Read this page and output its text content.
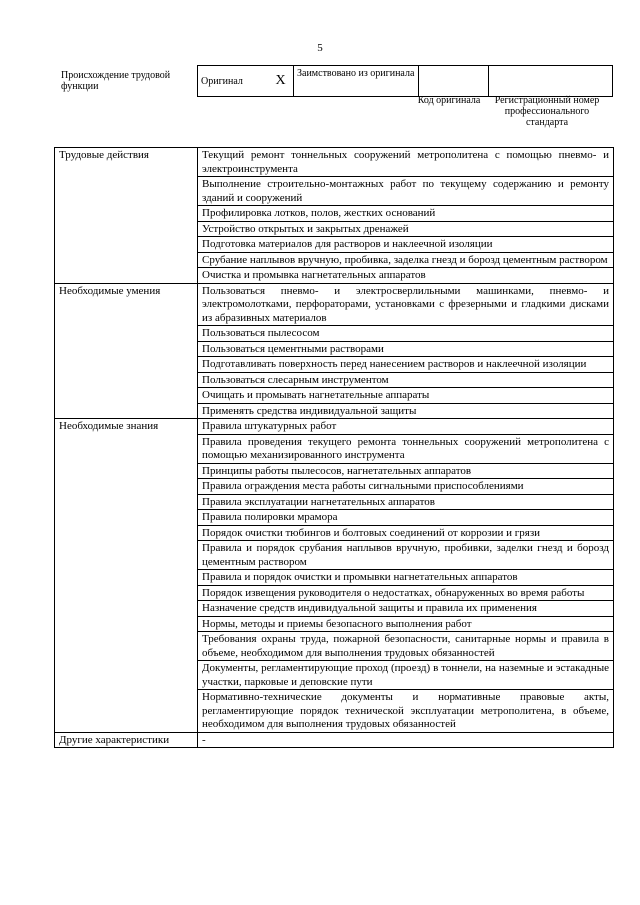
5
Происхождение трудовой функции	Оригинал	X	Заимствовано из оригинала		
Код оригинала	Регистрационный номер профессионального стандарта
Трудовые действия	Текущий ремонт тоннельных сооружений метрополитена с помощью пневмо- и электроинструмента
	Выполнение строительно-монтажных работ по текущему содержанию и ремонту зданий и сооружений
	Профилировка лотков, полов, жестких оснований
	Устройство открытых и закрытых дренажей
	Подготовка материалов для растворов и наклеечной изоляции
	Срубание наплывов вручную, пробивка, заделка гнезд и борозд цементным раствором
	Очистка и промывка нагнетательных аппаратов
Необходимые умения	Пользоваться пневмо- и электросверлильными машинками, пневмо- и электромолотками, перфораторами, установками с фрезерными и гладкими дисками из абразивных материалов
	Пользоваться пылесосом
	Пользоваться цементными растворами
	Подготавливать поверхность перед нанесением растворов и наклеечной изоляции
	Пользоваться слесарным инструментом
	Очищать и промывать нагнетательные аппараты
	Применять средства индивидуальной защиты
Необходимые знания	Правила штукатурных работ
	Правила проведения текущего ремонта тоннельных сооружений метрополитена с помощью механизированного инструмента
	Принципы работы пылесосов, нагнетательных аппаратов
	Правила ограждения места работы сигнальными приспособлениями
	Правила эксплуатации нагнетательных аппаратов
	Правила полировки мрамора
	Порядок очистки тюбингов и болтовых соединений от коррозии и грязи
	Правила и порядок срубания наплывов вручную, пробивки, заделки гнезд и борозд цементным раствором
	Правила и порядок очистки и промывки нагнетательных аппаратов
	Порядок извещения руководителя о недостатках, обнаруженных во время работы
	Назначение средств индивидуальной защиты и правила их применения
	Нормы, методы и приемы безопасного выполнения работ
	Требования охраны труда, пожарной безопасности, санитарные нормы и правила в объеме, необходимом для выполнения трудовых обязанностей
	Документы, регламентирующие проход (проезд) в тоннели, на наземные и эстакадные участки, парковые и деповские пути
	Нормативно-технические документы и нормативные правовые акты, регламентирующие порядок технической эксплуатации метрополитена, в объеме, необходимом для выполнения трудовых обязанностей
Другие характеристики	-
